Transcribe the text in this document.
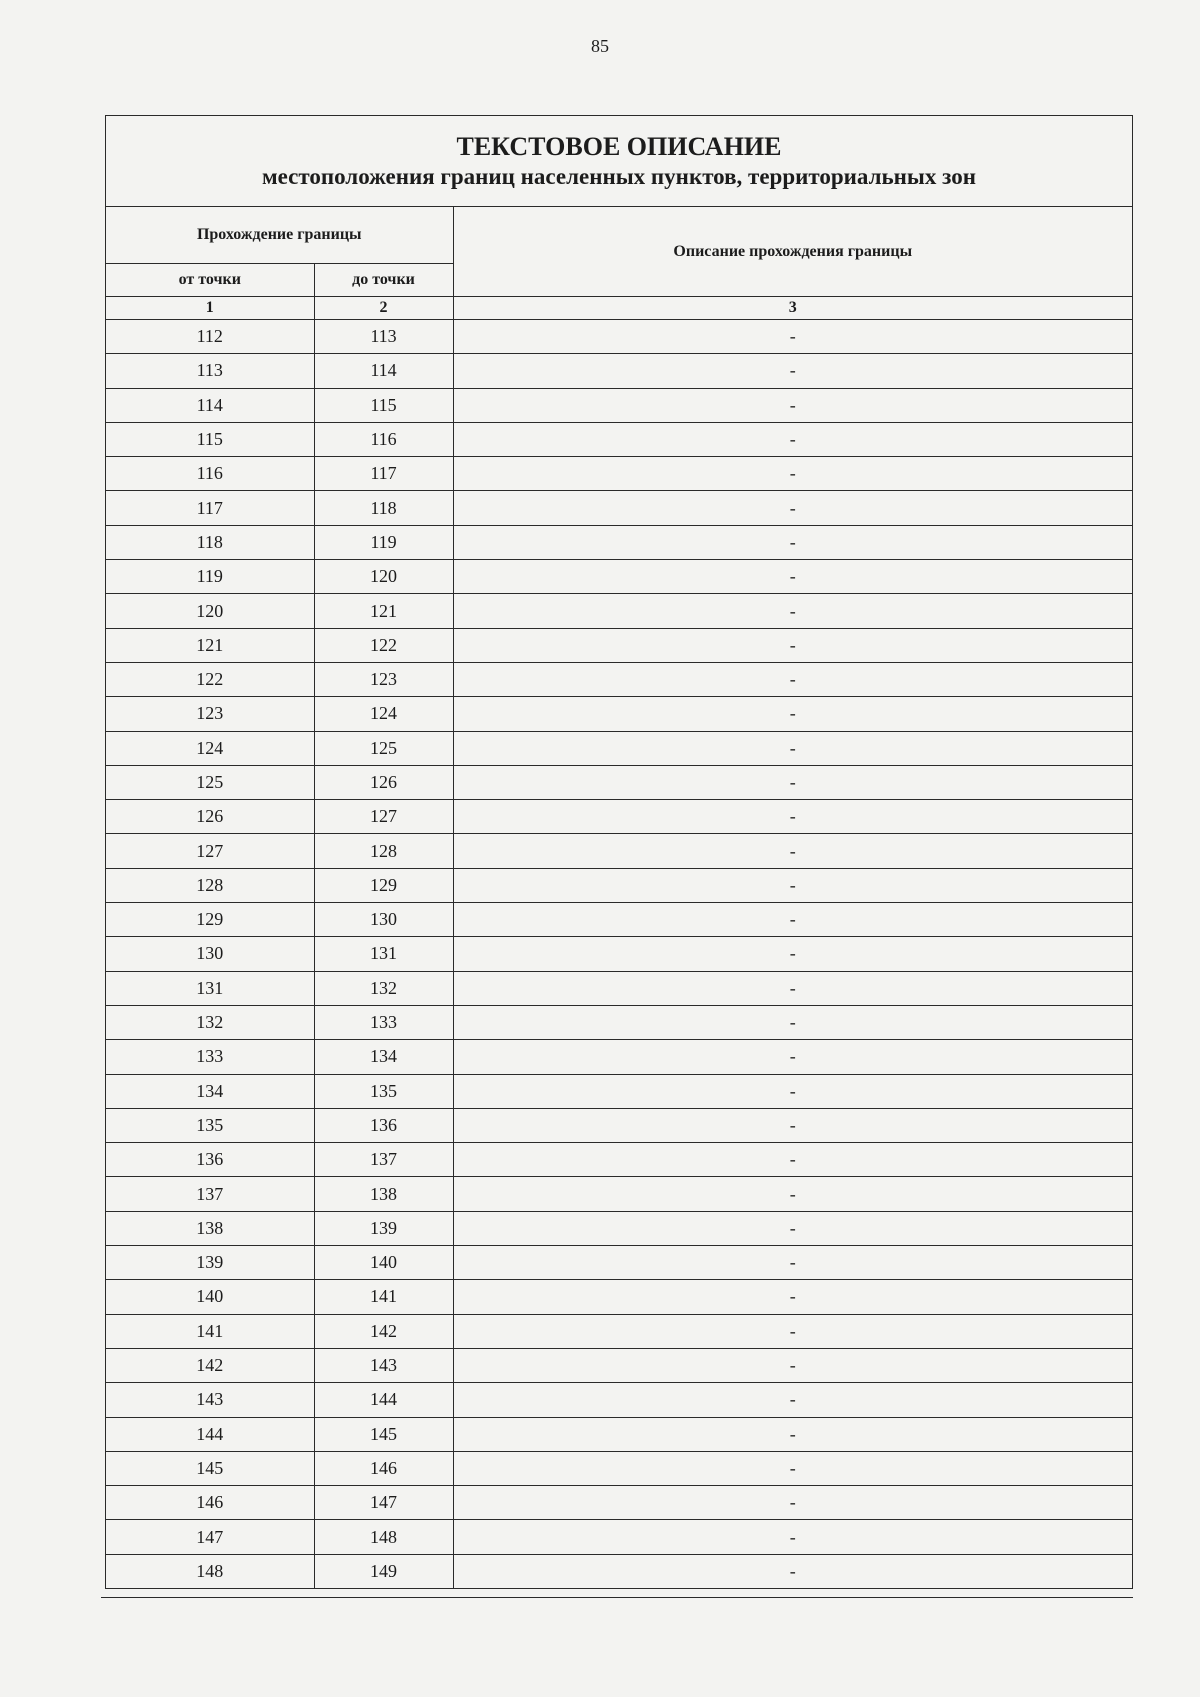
85
ТЕКСТОВОЕ ОПИСАНИЕ
местоположения границ населенных пунктов, территориальных зон
Прохождение границы		Описание прохождения границы
от точки	до точки	
1	2	3
112	113	-
113	114	-
114	115	-
115	116	-
116	117	-
117	118	-
118	119	-
119	120	-
120	121	-
121	122	-
122	123	-
123	124	-
124	125	-
125	126	-
126	127	-
127	128	-
128	129	-
129	130	-
130	131	-
131	132	-
132	133	-
133	134	-
134	135	-
135	136	-
136	137	-
137	138	-
138	139	-
139	140	-
140	141	-
141	142	-
142	143	-
143	144	-
144	145	-
145	146	-
146	147	-
147	148	-
148	149	-
